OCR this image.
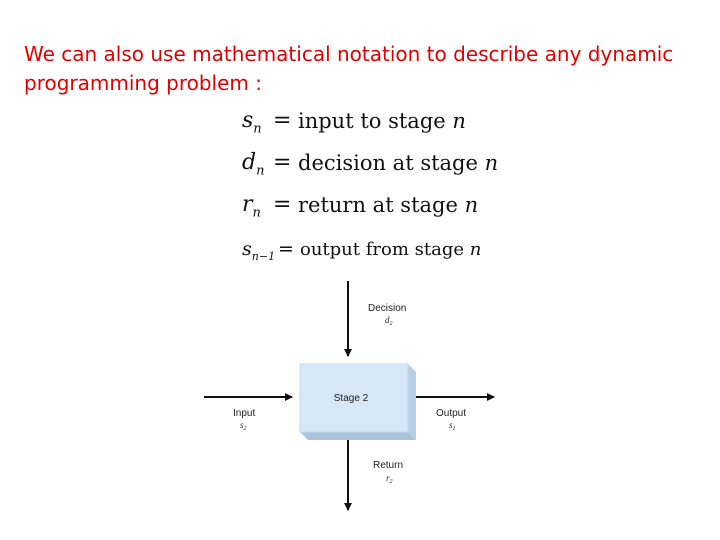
We can also use mathematical notation to describe any dynamic programming problem :
$s_n$ = input to stage n
$d_n$ = decision at stage n
$r_n$ = return at stage n
$s_{n-1}$ = output from stage n
Stage 2
Decision
$d_2$
Input
$s_2$
Output
$s_1$
Return
$r_2$
